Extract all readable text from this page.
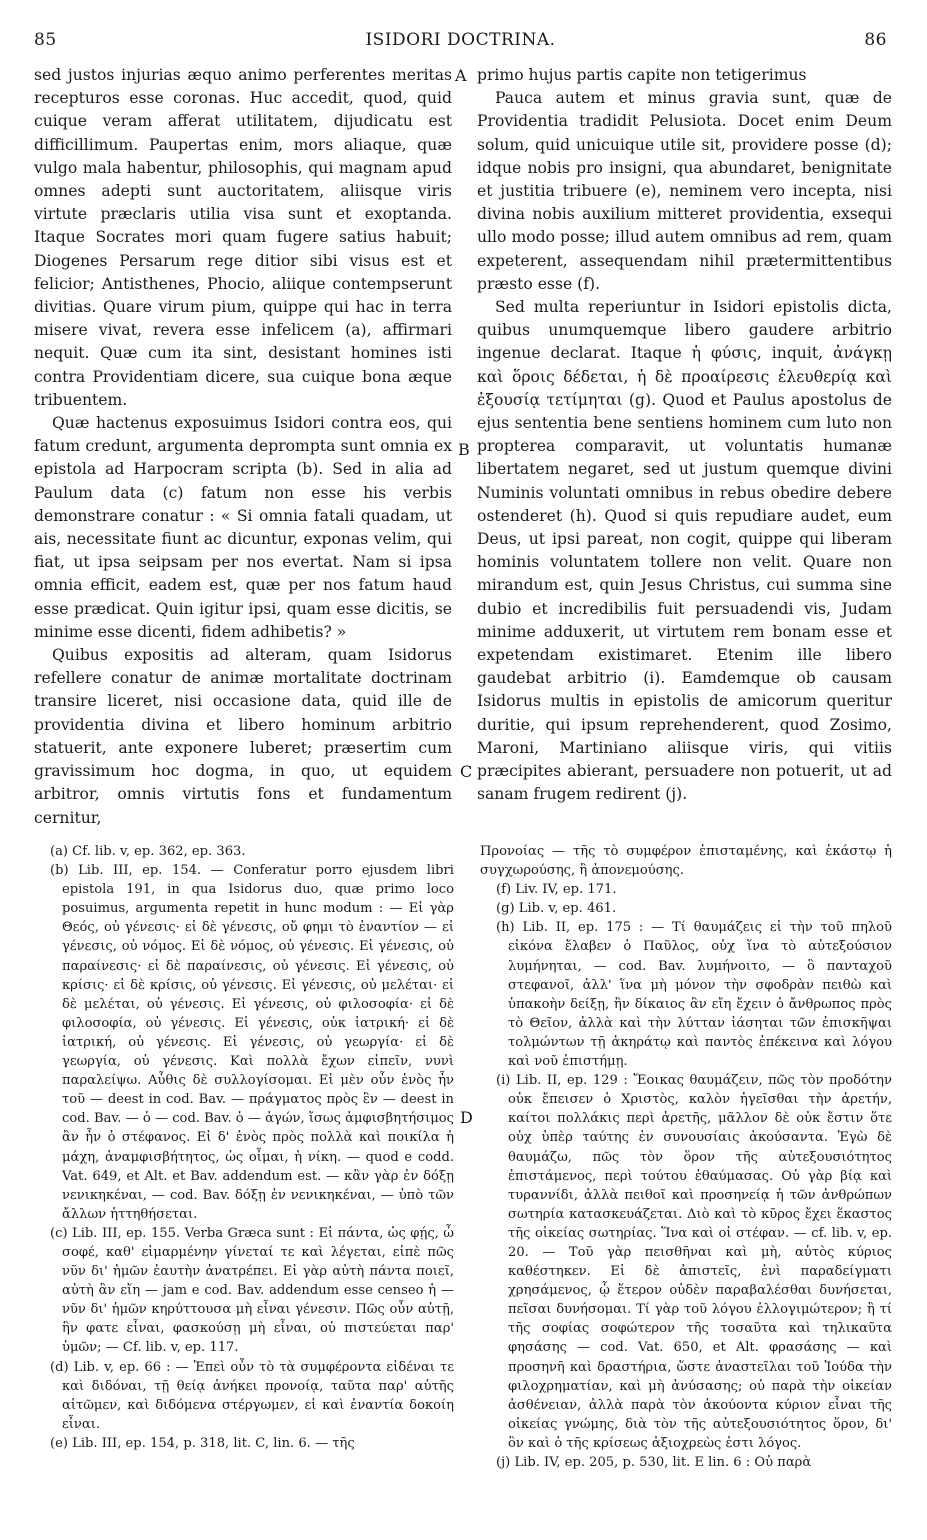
85	ISIDORI DOCTRINA.	86
A
B
C
D

sed justos injurias æquo animo perferentes meritas recepturos esse coronas. Huc accedit, quod, quid cuique veram afferat utilitatem, dijudicatu est difficillimum. Paupertas enim, mors aliaque, quæ vulgo mala habentur, philosophis, qui magnam apud omnes adepti sunt auctoritatem, aliisque viris virtute præclaris utilia visa sunt et exoptanda. Itaque Socrates mori quam fugere satius habuit; Diogenes Persarum rege ditior sibi visus est et felicior; Antisthenes, Phocio, aliique contempserunt divitias. Quare virum pium, quippe qui hac in terra misere vivat, revera esse infelicem (a), affirmari nequit. Quæ cum ita sint, desistant homines isti contra Providentiam dicere, sua cuique bona æque tribuentem.

Quæ hactenus exposuimus Isidori contra eos, qui fatum credunt, argumenta deprompta sunt omnia ex epistola ad Harpocram scripta (b). Sed in alia ad Paulum data (c) fatum non esse his verbis demonstrare conatur : « Si omnia fatali quadam, ut ais, necessitate fiunt ac dicuntur, exponas velim, qui fiat, ut ipsa seipsam per nos evertat. Nam si ipsa omnia efficit, eadem est, quæ per nos fatum haud esse prædicat. Quin igitur ipsi, quam esse dicitis, se minime esse dicenti, fidem adhibetis? »

Quibus expositis ad alteram, quam Isidorus refellere conatur de animæ mortalitate doctrinam transire liceret, nisi occasione data, quid ille de providentia divina et libero hominum arbitrio statuerit, ante exponere luberet; præsertim cum gravissimum hoc dogma, in quo, ut equidem arbitror, omnis virtutis fons et fundamentum cernitur,

primo hujus partis capite non tetigerimus

Pauca autem et minus gravia sunt, quæ de Providentia tradidit Pelusiota. Docet enim Deum solum, quid unicuique utile sit, providere posse (d); idque nobis pro insigni, qua abundaret, benignitate et justitia tribuere (e), neminem vero incepta, nisi divina nobis auxilium mitteret providentia, exsequi ullo modo posse; illud autem omnibus ad rem, quam expeterent, assequendam nihil prætermittentibus præsto esse (f).

Sed multa reperiuntur in Isidori epistolis dicta, quibus unumquemque libero gaudere arbitrio ingenue declarat. Itaque ἡ φύσις, inquit, ἀνάγκῃ καὶ ὅροις δέδεται, ἡ δὲ προαίρεσις ἐλευθερίᾳ καὶ ἐξουσίᾳ τετίμηται (g). Quod et Paulus apostolus de ejus sententia bene sentiens hominem cum luto non propterea comparavit, ut voluntatis humanæ libertatem negaret, sed ut justum quemque divini Numinis voluntati omnibus in rebus obedire debere ostenderet (h). Quod si quis repudiare audet, eum Deus, ut ipsi pareat, non cogit, quippe qui liberam hominis voluntatem tollere non velit. Quare non mirandum est, quin Jesus Christus, cui summa sine dubio et incredibilis fuit persuadendi vis, Judam minime adduxerit, ut virtutem rem bonam esse et expetendam existimaret. Etenim ille libero gaudebat arbitrio (i). Eamdemque ob causam Isidorus multis in epistolis de amicorum queritur duritie, qui ipsum reprehenderent, quod Zosimo, Maroni, Martiniano aliisque viris, qui vitiis præcipites abierant, persuadere non potuerit, ut ad sanam frugem redirent (j).

(a) Cf. lib. v, ep. 362, ep. 363.

(b) Lib. III, ep. 154. — Conferatur porro ejusdem libri epistola 191, in qua Isidorus duo, quæ primo loco posuimus, argumenta repetit in hunc modum : — Εἰ γὰρ Θεός, οὐ γένεσις· εἰ δὲ γένεσις, οὔ φημι τὸ ἐναντίον — εἰ γένεσις, οὐ νόμος. Εἰ δὲ νόμος, οὐ γένεσις. Εἰ γένεσις, οὐ παραίνεσις· εἰ δὲ παραίνεσις, οὐ γένεσις. Εἰ γένεσις, οὐ κρίσις· εἰ δὲ κρίσις, οὐ γένεσις. Εἰ γένεσις, οὐ μελέται· εἰ δὲ μελέται, οὐ γένεσις. Εἰ γένεσις, οὐ φιλοσοφία· εἰ δὲ φιλοσοφία, οὐ γένεσις. Εἰ γένεσις, οὐκ ἰατρική· εἰ δὲ ἰατρική, οὐ γένεσις. Εἰ γένεσις, οὐ γεωργία· εἰ δὲ γεωργία, οὐ γένεσις. Καὶ πολλὰ ἔχων εἰπεῖν, νυνὶ παραλείψω. Αὖθις δὲ συλλογίσομαι. Εἰ μὲν οὖν ἑνὸς ἦν τοῦ — deest in cod. Bav. — πράγματος πρὸς ἓν — deest in cod. Bav. — ὁ — cod. Bav. ὁ — ἀγών, ἴσως ἀμφισβητήσιμος ἂν ἦν ὁ στέφανος. Εἰ δ' ἑνὸς πρὸς πολλὰ καὶ ποικίλα ἡ μάχη, ἀναμφισβήτητος, ὡς οἶμαι, ἡ νίκη. — quod e codd. Vat. 649, et Alt. et Bav. addendum est. — κἂν γὰρ ἐν δόξῃ νενικηκέναι, — cod. Bav. δόξῃ ἐν νενικηκέναι, — ὑπὸ τῶν ἄλλων ἡττηθήσεται.

(c) Lib. III, ep. 155. Verba Græca sunt : Εἰ πάντα, ὡς φῄς, ὦ σοφέ, καθ' εἱμαρμένην γίνεταί τε καὶ λέγεται, εἰπὲ πῶς νῦν δι' ἡμῶν ἑαυτὴν ἀνατρέπει. Εἰ γὰρ αὐτὴ πάντα ποιεῖ, αὐτὴ ἂν εἴη — jam e cod. Bav. addendum esse censeo ἡ — νῦν δι' ἡμῶν κηρύττουσα μὴ εἶναι γένεσιν. Πῶς οὖν αὐτῇ, ἣν φατε εἶναι, φασκούσῃ μὴ εἶναι, οὐ πιστεύεται παρ' ὑμῶν; — Cf. lib. v, ep. 117.

(d) Lib. v, ep. 66 : — Ἐπεὶ οὖν τὸ τὰ συμφέροντα εἰδέναι τε καὶ διδόναι, τῇ θείᾳ ἀνήκει προνοίᾳ, ταῦτα παρ' αὐτῆς αἰτῶμεν, καὶ διδόμενα στέργωμεν, εἰ καὶ ἐναντία δοκοίη εἶναι.

(e) Lib. III, ep. 154, p. 318, lit. C, lin. 6. — τῆς

Προνοίας — τῆς τὸ συμφέρον ἐπισταμένης, καὶ ἑκάστῳ ἡ συγχωρούσης, ἢ ἀπονεμούσης.

(f) Liv. IV, ep. 171.

(g) Lib. v, ep. 461.

(h) Lib. II, ep. 175 : — Τί θαυμάζεις εἰ τὴν τοῦ πηλοῦ εἰκόνα ἔλαβεν ὁ Παῦλος, οὐχ ἵνα τὸ αὐτεξούσιον λυμήνηται, — cod. Bav. λυμήνοιτο, — ὃ πανταχοῦ στεφανοῖ, ἀλλ' ἵνα μὴ μόνον τὴν σφοδρὰν πειθὼ καὶ ὑπακοὴν δείξῃ, ἣν δίκαιος ἂν εἴη ἔχειν ὁ ἄνθρωπος πρὸς τὸ Θεῖον, ἀλλὰ καὶ τὴν λύτταν ἰάσηται τῶν ἐπισκῆψαι τολμώντων τῇ ἀκηράτῳ καὶ παντὸς ἐπέκεινα καὶ λόγου καὶ νοῦ ἐπιστήμῃ.

(i) Lib. II, ep. 129 : Ἔοικας θαυμάζειν, πῶς τὸν προδότην οὐκ ἔπεισεν ὁ Χριστὸς, καλὸν ἡγεῖσθαι τὴν ἀρετήν, καίτοι πολλάκις περὶ ἀρετῆς, μᾶλλον δὲ οὐκ ἔστιν ὅτε οὐχ ὑπὲρ ταύτης ἐν συνουσίαις ἀκούσαντα. Ἐγὼ δὲ θαυμάζω, πῶς τὸν ὅρον τῆς αὐτεξουσιότητος ἐπιστάμενος, περὶ τούτου ἐθαύμασας. Οὐ γὰρ βίᾳ καὶ τυραννίδι, ἀλλὰ πειθοῖ καὶ προσηνείᾳ ἡ τῶν ἀνθρώπων σωτηρία κατασκευάζεται. Διὸ καὶ τὸ κῦρος ἔχει ἕκαστος τῆς οἰκείας σωτηρίας. Ἵνα καὶ οἱ στέφαν. — cf. lib. v, ep. 20. — Τοῦ γὰρ πεισθῆναι καὶ μὴ, αὐτὸς κύριος καθέστηκεν. Εἰ δὲ ἀπιστεῖς, ἑνὶ παραδείγματι χρησάμενος, ᾧ ἕτερον οὐδὲν παραβαλέσθαι δυνήσεται, πεῖσαι δυνήσομαι. Τί γὰρ τοῦ λόγου ἐλλογιμώτερον; ἢ τί τῆς σοφίας σοφώτερον τῆς τοσαῦτα καὶ τηλικαῦτα φησάσης — cod. Vat. 650, et Alt. φρασάσης — καὶ προσηνῆ καὶ δραστήρια, ὥστε ἀναστεῖλαι τοῦ Ἰούδα τὴν φιλοχρηματίαν, καὶ μὴ ἀνύσασης; οὐ παρὰ τὴν οἰκείαν ἀσθένειαν, ἀλλὰ παρὰ τὸν ἀκούοντα κύριον εἶναι τῆς οἰκείας γνώμης, διὰ τὸν τῆς αὐτεξουσιότητος ὅρον, δι' ὃν καὶ ὁ τῆς κρίσεως ἀξιοχρεὼς ἐστι λόγος.

(j) Lib. IV, ep. 205, p. 530, lit. E lin. 6 : Οὐ παρὰ
